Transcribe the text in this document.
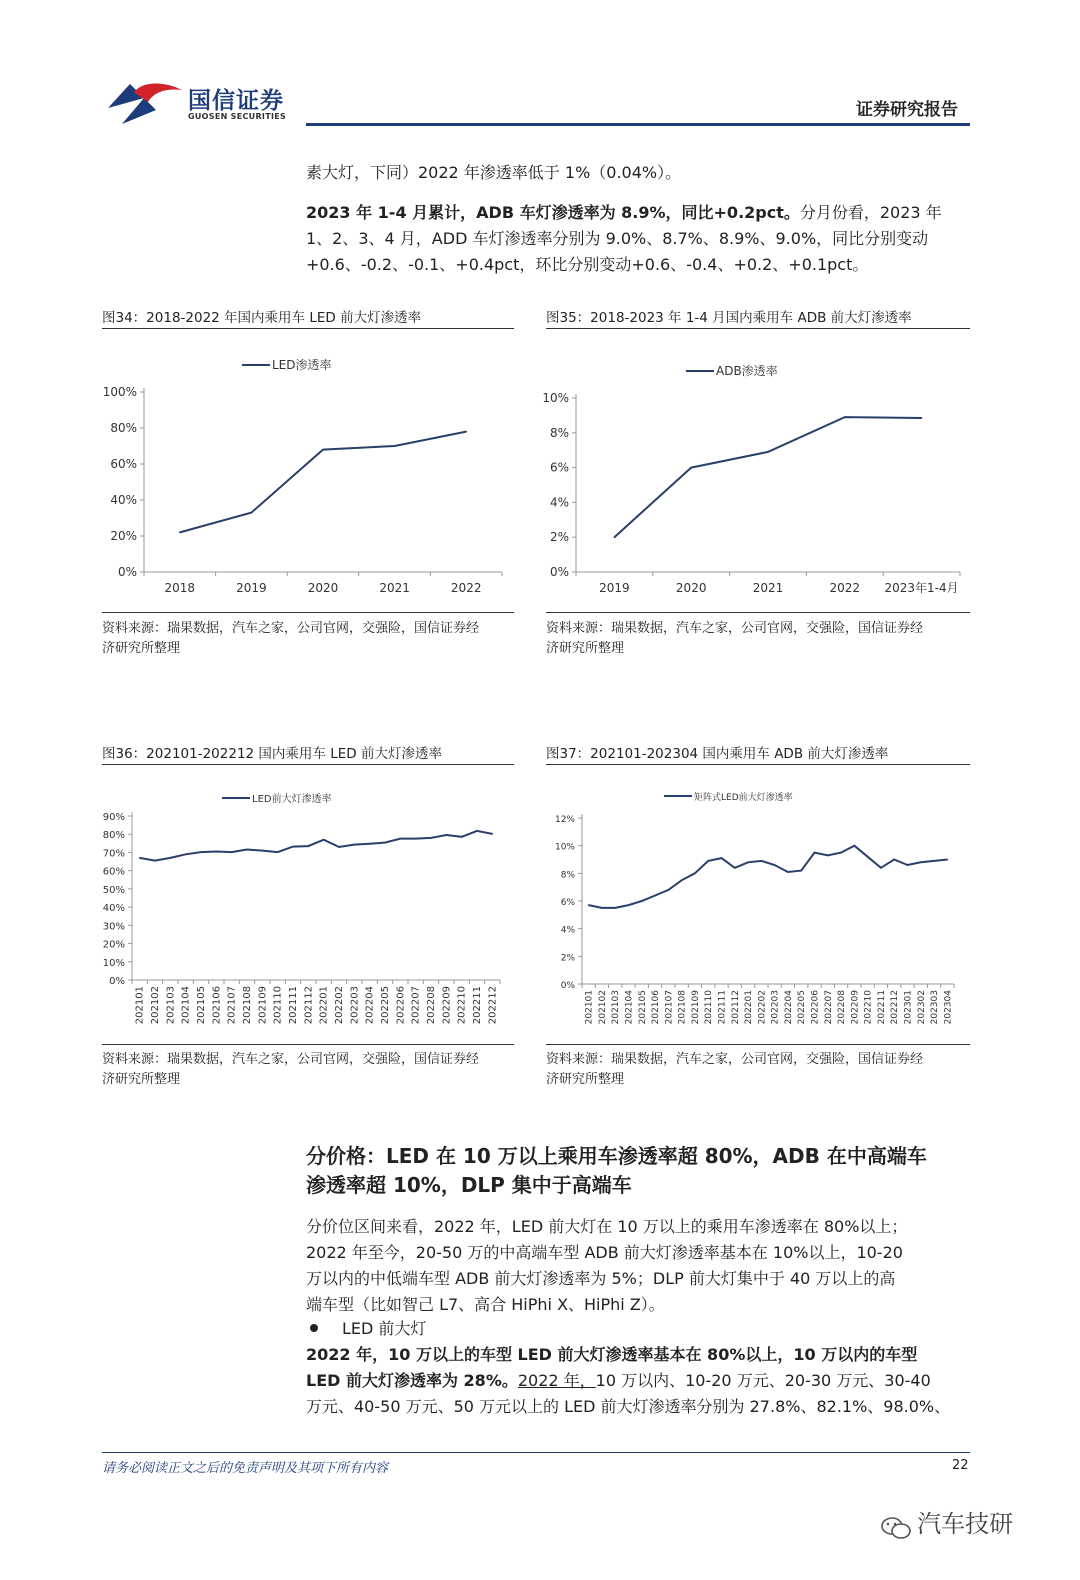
国信证券
GUOSEN SECURITIES	证券研究报告
素大灯，下同）2022 年渗透率低于 1%（0.04%）。
2023 年 1-4 月累计，ADB 车灯渗透率为 8.9%，同比+0.2pct。分月份看，2023 年
1、2、3、4 月，ADD 车灯渗透率分别为 9.0%、8.7%、8.9%、9.0%，同比分别变动
+0.6、-0.2、-0.1、+0.4pct，环比分别变动+0.6、-0.4、+0.2、+0.1pct。
图34：2018-2022 年国内乘用车 LED 前大灯渗透率
0%
20%
40%
60%
80%
100%
2018	2019	2020	2021	2022
LED渗透率
资料来源：瑞果数据，汽车之家，公司官网，交强险，国信证券经
济研究所整理
图35：2018-2023 年 1-4 月国内乘用车 ADB 前大灯渗透率
0%
2%
4%
6%
8%
10%
2019	2020	2021	2022 2023年1-4月
ADB渗透率
资料来源：瑞果数据，汽车之家，公司官网，交强险，国信证券经
济研究所整理
图36：202101-202212 国内乘用车 LED 前大灯渗透率
0%
10%
20%
30%
40%
50%
60%
70%
80%
90%
202101 202102 202103 202104 202105 202106 202107 202108 202109 202110 202111 202112 202201 202202 202203 202204 202205 202206 202207 202208 202209 202210 202211 202212
LED前大灯渗透率
资料来源：瑞果数据，汽车之家，公司官网，交强险，国信证券经
济研究所整理
图37：202101-202304 国内乘用车 ADB 前大灯渗透率
0%
2%
4%
6%
8%
10%
12%
202101 202102 202103 202104 202105 202106 202107 202108 202109 202110 202111 202112 202201 202202 202203 202204 202205 202206 202207 202208 202209 202210 202211 202212 202301 202302 202303 202304
矩阵式LED前大灯渗透率
资料来源：瑞果数据，汽车之家，公司官网，交强险，国信证券经
济研究所整理
分价格：LED 在 10 万以上乘用车渗透率超 80%，ADB 在中高端车
渗透率超 10%，DLP 集中于高端车
分价位区间来看，2022 年，LED 前大灯在 10 万以上的乘用车渗透率在 80%以上；
2022 年至今，20-50 万的中高端车型 ADB 前大灯渗透率基本在 10%以上，10-20
万以内的中低端车型 ADB 前大灯渗透率为 5%；DLP 前大灯集中于 40 万以上的高
端车型（比如智己 L7、高合 HiPhi X、HiPhi Z）。
LED 前大灯
2022 年，10 万以上的车型 LED 前大灯渗透率基本在 80%以上，10 万以内的车型
LED 前大灯渗透率为 28%。2022 年，10 万以内、10-20 万元、20-30 万元、30-40
万元、40-50 万元、50 万元以上的 LED 前大灯渗透率分别为 27.8%、82.1%、98.0%、
请务必阅读正文之后的免责声明及其项下所有内容	22
汽车技研
